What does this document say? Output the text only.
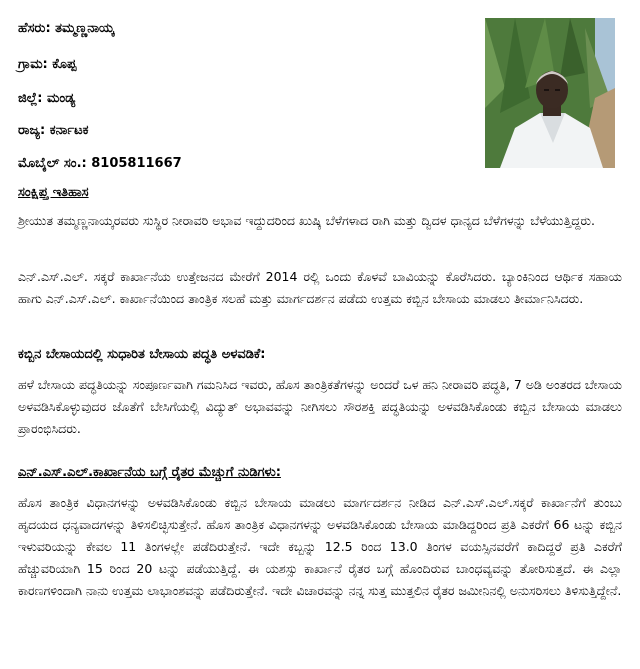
ಹೆಸರು: ತಮ್ಮಣ್ಣನಾಯ್ಕ
ಗ್ರಾಮ: ಕೊಪ್ಪ
ಜಿಲ್ಲೆ: ಮಂಡ್ಯ
ರಾಜ್ಯ: ಕರ್ನಾಟಕ
ಮೊಬೈಲ್ ಸಂ.: 8105811667
ಸಂಕ್ಷಿಪ್ತ ಇತಿಹಾಸ
ಶ್ರೀಯುತ ತಮ್ಮಣ್ಣನಾಯ್ಕರವರು ಸುಸ್ಥಿರ ನೀರಾವರಿ ಅಭಾವ ಇದ್ದುದರಿಂದ ಖುಷ್ಕಿ ಬೆಳೆಗಳಾದ ರಾಗಿ ಮತ್ತು ದ್ವಿದಳ ಧಾನ್ಯದ ಬೆಳೆಗಳನ್ನು ಬೆಳೆಯುತ್ತಿದ್ದರು.
ಎನ್.ಎಸ್.ಎಲ್. ಸಕ್ಕರೆ ಕಾರ್ಖಾನೆಯ ಉತ್ತೇಜನದ ಮೇರೆಗೆ 2014 ರಲ್ಲಿ ಒಂದು ಕೊಳವೆ ಬಾವಿಯನ್ನು ಕೊರೆಸಿದರು. ಬ್ಯಾಂಕಿನಿಂದ ಆರ್ಥಿಕ ಸಹಾಯ ಹಾಗು ಎನ್.ಎಸ್.ಎಲ್. ಕಾರ್ಖಾನೆಯಿಂದ ತಾಂತ್ರಿಕ ಸಲಹೆ ಮತ್ತು ಮಾರ್ಗದರ್ಶನ ಪಡೆದು ಉತ್ತಮ ಕಬ್ಬಿನ ಬೇಸಾಯ ಮಾಡಲು ತೀರ್ಮಾನಿಸಿದರು.
ಕಬ್ಬಿನ ಬೇಸಾಯದಲ್ಲಿ ಸುಧಾರಿತ ಬೇಸಾಯ ಪದ್ಧತಿ ಅಳವಡಿಕೆ:
ಹಳೆ ಬೇಸಾಯ ಪದ್ಧತಿಯನ್ನು ಸಂಪೂರ್ಣವಾಗಿ ಗಮನಿಸಿದ ಇವರು, ಹೊಸ ತಾಂತ್ರಿಕತೆಗಳನ್ನು ಅಂದರೆ ಒಳ ಹನಿ ನೀರಾವರಿ ಪದ್ಧತಿ, 7 ಅಡಿ ಅಂತರದ ಬೇಸಾಯ ಅಳವಡಿಸಿಕೊಳ್ಳುವುದರ ಜೊತೆಗೆ ಬೇಸಿಗೆಯಲ್ಲಿ ವಿದ್ಯುತ್ ಅಭಾವವನ್ನು ನೀಗಿಸಲು ಸೌರಶಕ್ತಿ ಪದ್ಧತಿಯನ್ನು ಅಳವಡಿಸಿಕೊಂಡು ಕಬ್ಬಿನ ಬೇಸಾಯ ಮಾಡಲು ಪ್ರಾರಂಭಿಸಿದರು.
ಎನ್.ಎಸ್.ಎಲ್.ಕಾರ್ಖಾನೆಯ ಬಗ್ಗೆ ರೈತರ ಮೆಚ್ಚುಗೆ ನುಡಿಗಳು:
ಹೊಸ ತಾಂತ್ರಿಕ ವಿಧಾನಗಳನ್ನು ಅಳವಡಿಸಿಕೊಂಡು ಕಬ್ಬಿನ ಬೇಸಾಯ ಮಾಡಲು ಮಾರ್ಗದರ್ಶನ ನೀಡಿದ ಎನ್.ಎಸ್.ಎಲ್.ಸಕ್ಕರೆ ಕಾರ್ಖಾನೆಗೆ ತುಂಬು ಹೃದಯದ ಧನ್ಯವಾದಗಳನ್ನು ತಿಳಿಸಲಿಚ್ಛಿಸುತ್ತೇನೆ. ಹೊಸ ತಾಂತ್ರಿಕ ವಿಧಾನಗಳನ್ನು ಅಳವಡಿಸಿಕೊಂಡು ಬೇಸಾಯ ಮಾಡಿದ್ದರಿಂದ ಪ್ರತಿ ಎಕರೆಗೆ 66 ಟನ್ನು ಕಬ್ಬಿನ ಇಳುವರಿಯನ್ನು ಕೇವಲ 11 ತಿಂಗಳಲ್ಲೇ ಪಡೆದಿರುತ್ತೇನೆ. ಇದೇ ಕಬ್ಬನ್ನು 12.5 ರಿಂದ 13.0 ತಿಂಗಳ ವಯಸ್ಸಿನವರೆಗೆ ಕಾದಿದ್ದರೆ ಪ್ರತಿ ಎಕರೆಗೆ ಹೆಚ್ಚುವರಿಯಾಗಿ 15 ರಿಂದ 20 ಟನ್ನು ಪಡೆಯುತ್ತಿದ್ದೆ. ಈ ಯಶಸ್ಸು ಕಾರ್ಖಾನೆ ರೈತರ ಬಗ್ಗೆ ಹೊಂದಿರುವ ಬಾಂಧವ್ಯವನ್ನು ತೋರಿಸುತ್ತದೆ. ಈ ಎಲ್ಲಾ ಕಾರಣಗಳಿಂದಾಗಿ ನಾನು ಉತ್ತಮ ಲಾಭಾಂಶವನ್ನು ಪಡೆದಿರುತ್ತೇನೆ. ಇದೇ ವಿಚಾರವನ್ನು ನನ್ನ ಸುತ್ತ ಮುತ್ತಲಿನ ರೈತರ ಜಮೀನಿನಲ್ಲಿ ಅನುಸರಿಸಲು ತಿಳಿಸುತ್ತಿದ್ದೇನೆ.
